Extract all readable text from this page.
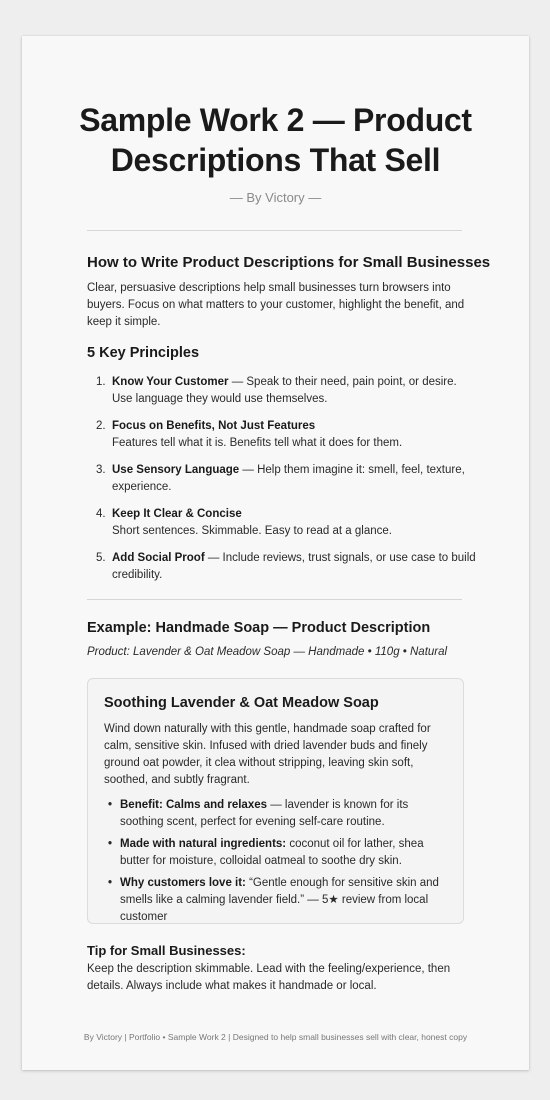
Sample Work 2 — Product Descriptions That Sell
— By Victory —
How to Write Product Descriptions for Small Businesses
Clear, persuasive descriptions help small businesses turn browsers into buyers. Focus on what matters to your customer, highlight the benefit, and keep it simple.
5 Key Principles
1. Know Your Customer — Speak to their need, pain point, or desire. Use language they would use themselves.
2. Focus on Benefits, Not Just Features
Features tell what it is. Benefits tell what it does for them.
3. Use Sensory Language — Help them imagine it: smell, feel, texture, experience.
4. Keep It Clear & Concise
Short sentences. Skimmable. Easy to read at a glance.
5. Add Social Proof — Include reviews, trust signals, or use case to build credibility.
Example: Handmade Soap — Product Description
Product: Lavender & Oat Meadow Soap — Handmade • 110g • Natural
Soothing Lavender & Oat Meadow Soap
Wind down naturally with this gentle, handmade soap crafted for calm, sensitive skin. Infused with dried lavender buds and finely ground oat powder, it clea without stripping, leaving skin soft, soothed, and subtly fragrant.
• Benefit: Calms and relaxes — lavender is known for its soothing scent, perfect for evening self-care routine.
• Made with natural ingredients: coconut oil for lather, shea butter for moisture, colloidal oatmeal to soothe dry skin.
• Why customers love it: “Gentle enough for sensitive skin and smells like a calming lavender field.” — 5★ review from local customer
Tip for Small Businesses:
Keep the description skimmable. Lead with the feeling/experience, then details. Always include what makes it handmade or local.
By Victory | Portfolio • Sample Work 2 | Designed to help small businesses sell with clear, honest copy
